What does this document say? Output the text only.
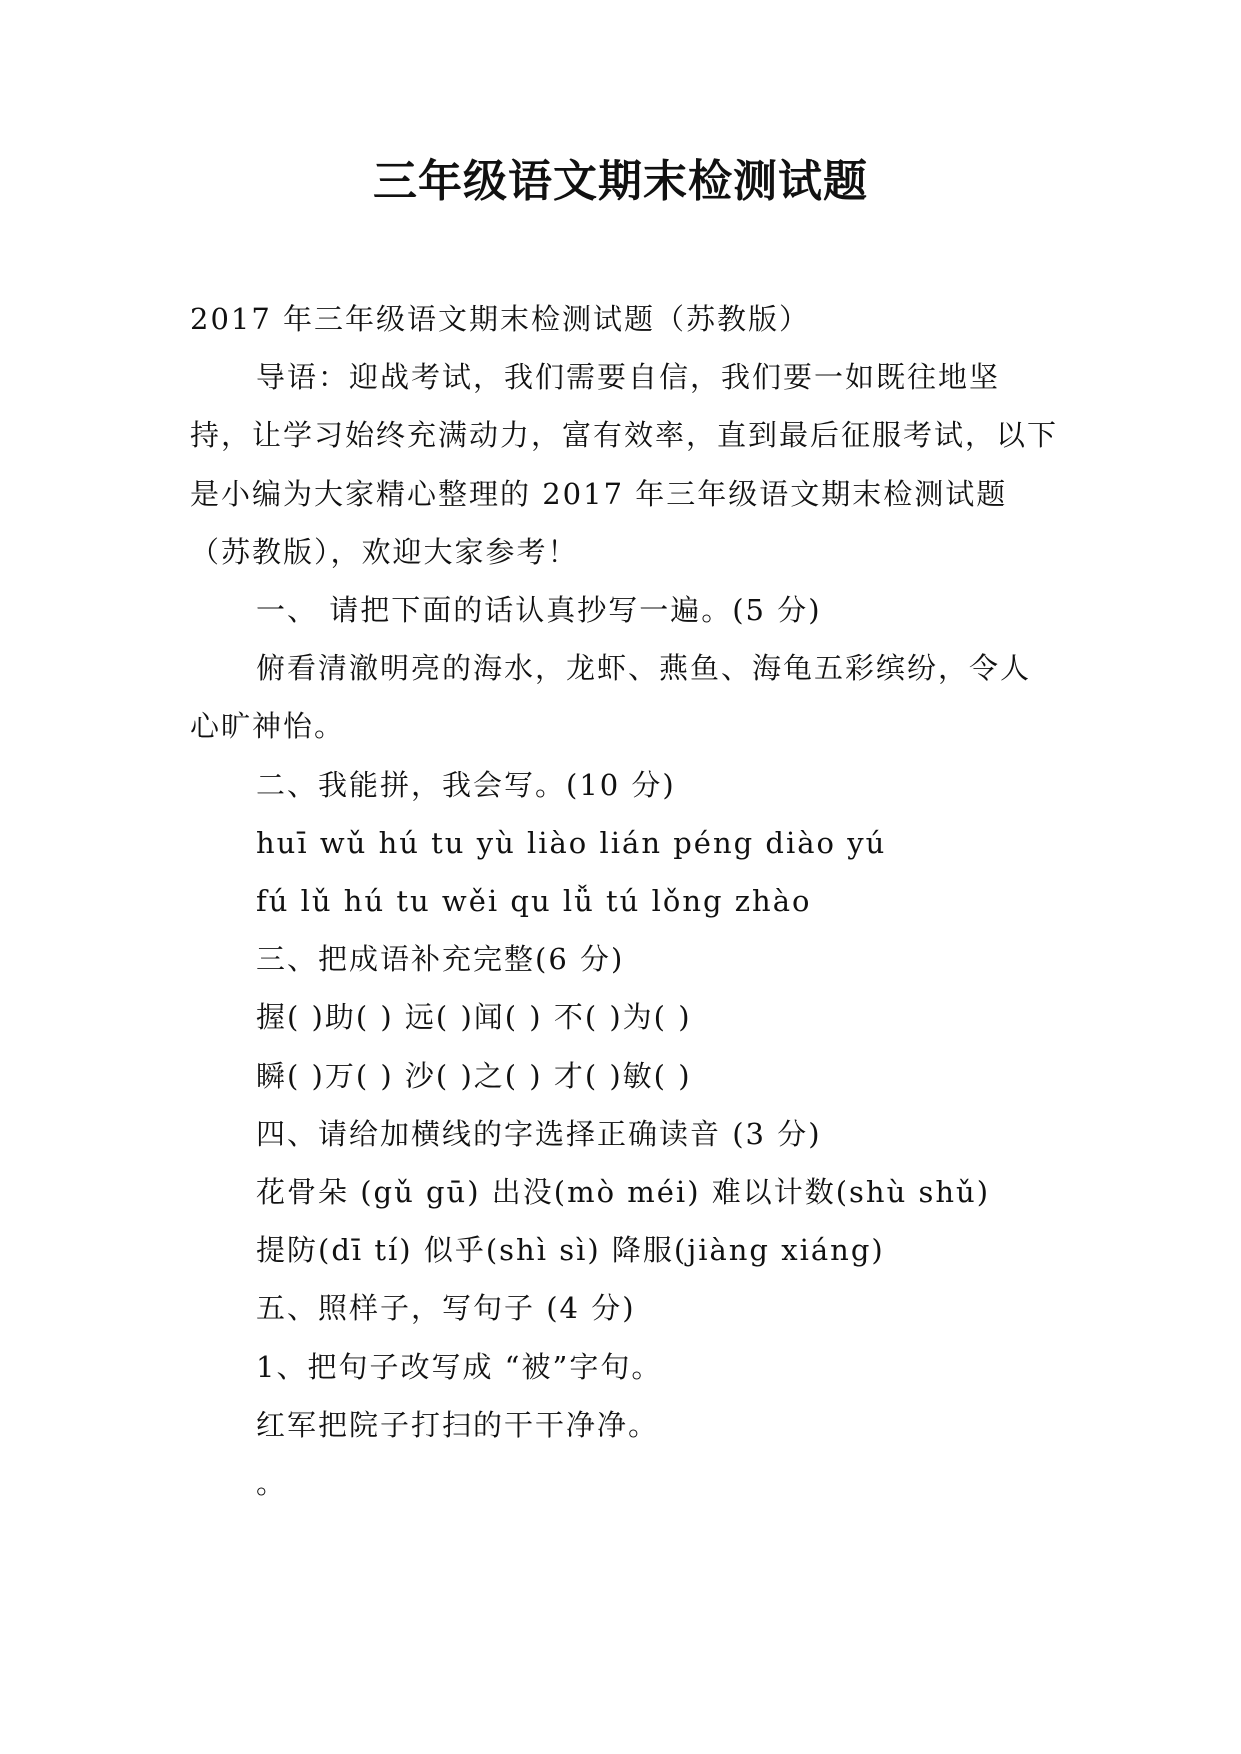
三年级语文期末检测试题

2017 年三年级语文期末检测试题（苏教版）

导语：迎战考试，我们需要自信，我们要一如既往地坚持，让学习始终充满动力，富有效率，直到最后征服考试，以下是小编为大家精心整理的 2017 年三年级语文期末检测试题（苏教版），欢迎大家参考！

一、 请把下面的话认真抄写一遍。(5 分)

俯看清澈明亮的海水，龙虾、燕鱼、海龟五彩缤纷，令人心旷神怡。

二、我能拼，我会写。(10 分)

huī wǔ hú tu yù liào lián péng diào yú

fú lǔ hú tu wěi qu lǚ tú lǒng zhào

三、把成语补充完整(6 分)

握( )助( ) 远( )闻( ) 不( )为( )

瞬( )万( ) 沙( )之( ) 才( )敏( )

四、请给加横线的字选择正确读音 (3 分)

花骨朵 (gǔ gū) 出没(mò méi) 难以计数(shù shǔ)

提防(dī tí) 似乎(shì sì) 降服(jiàng xiáng)

五、照样子，写句子 (4 分)

1、把句子改写成 “被”字句。

红军把院子打扫的干干净净。

。
